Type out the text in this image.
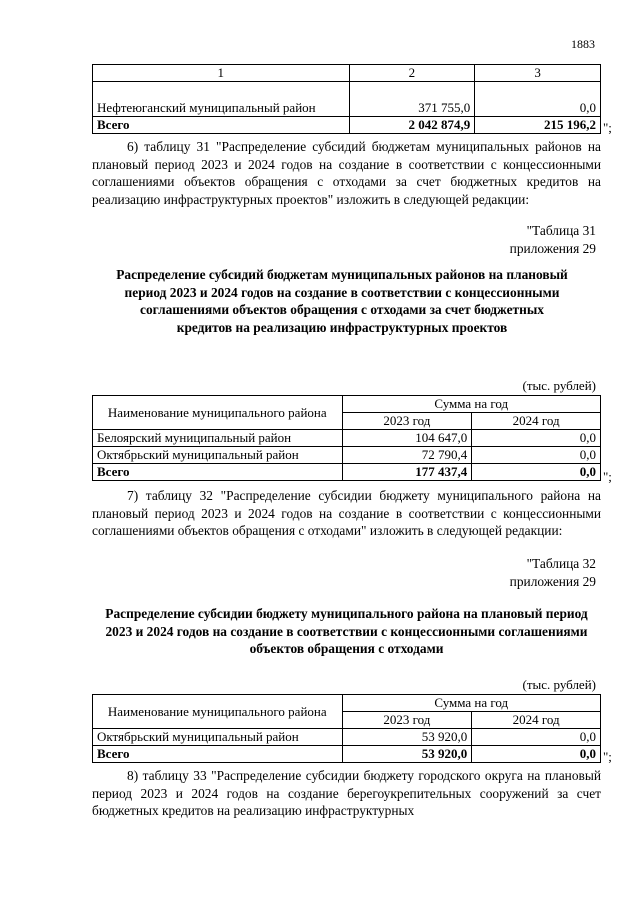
1883
1	2	3
Нефтеюганский муниципальный район	371 755,0	0,0
Всего	2 042 874,9	215 196,2 ";
6) таблицу 31 "Распределение субсидий бюджетам муниципальных районов на плановый период 2023 и 2024 годов на создание в соответствии с концессионными соглашениями объектов обращения с отходами за счет бюджетных кредитов на реализацию инфраструктурных проектов" изложить в следующей редакции:
"Таблица 31
приложения 29
Распределение субсидий бюджетам муниципальных районов на плановый период 2023 и 2024 годов на создание в соответствии с концессионными соглашениями объектов обращения с отходами за счет бюджетных кредитов на реализацию инфраструктурных проектов
(тыс. рублей)
Наименование муниципального района	Сумма на год	
	2023 год	2024 год
Белоярский муниципальный район	104 647,0	0,0
Октябрьский муниципальный район	72 790,4	0,0
Всего	177 437,4	0,0 ";
7) таблицу 32 "Распределение субсидии бюджету муниципального района на плановый период 2023 и 2024 годов на создание в соответствии с концессионными соглашениями объектов обращения с отходами" изложить в следующей редакции:
"Таблица 32
приложения 29
Распределение субсидии бюджету муниципального района на плановый период 2023 и 2024 годов на создание в соответствии с концессионными соглашениями объектов обращения с отходами
(тыс. рублей)
Наименование муниципального района	Сумма на год	
	2023 год	2024 год
Октябрьский муниципальный район	53 920,0	0,0
Всего	53 920,0	0,0 ";
8) таблицу 33 "Распределение субсидии бюджету городского округа на плановый период 2023 и 2024 годов на создание берегоукрепительных сооружений за счет бюджетных кредитов на реализацию инфраструктурных
